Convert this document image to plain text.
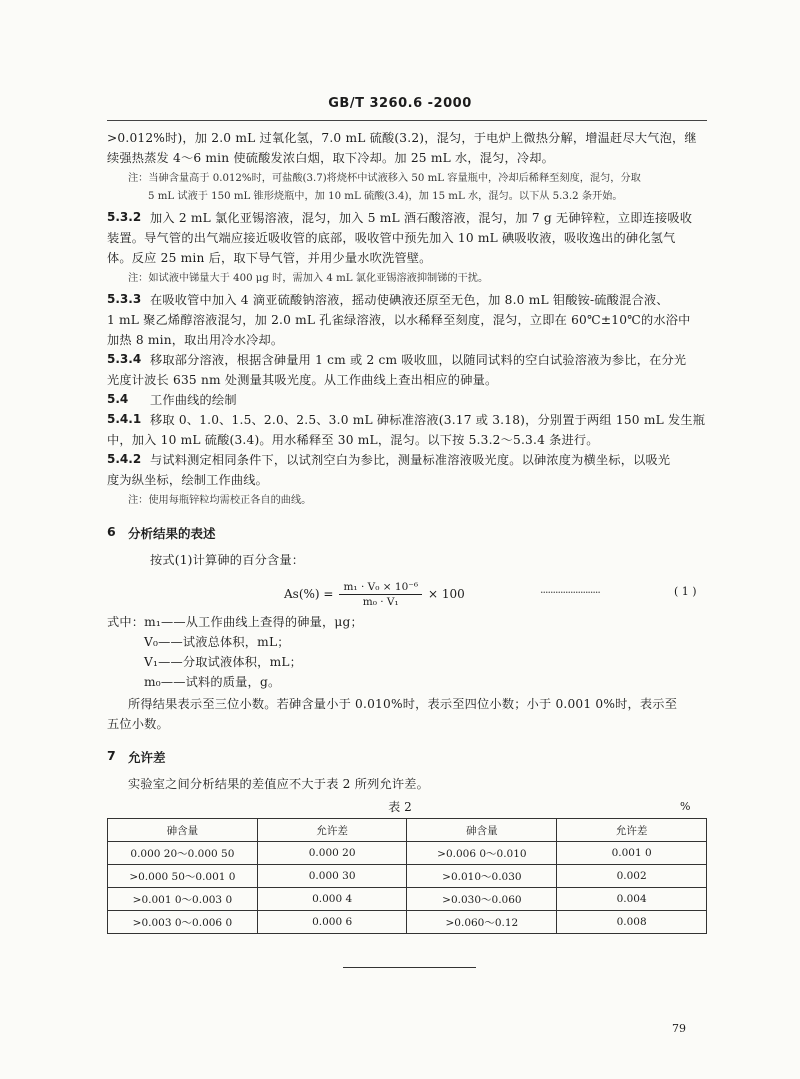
GB/T 3260.6 -2000
>0.012%时)，加 2.0 mL 过氧化氢，7.0 mL 硫酸(3.2)，混匀，于电炉上微热分解，增温赶尽大气泡，继
续强热蒸发 4～6 min 使硫酸发浓白烟，取下冷却。加 25 mL 水，混匀，冷却。
注：当砷含量高于 0.012%时，可盐酸(3.7)将烧杯中试液移入 50 mL 容量瓶中，冷却后稀释至刻度，混匀，分取
5 mL 试液于 150 mL 锥形烧瓶中，加 10 mL 硫酸(3.4)，加 15 mL 水，混匀。以下从 5.3.2 条开始。
5.3.2 加入 2 mL 氯化亚锡溶液，混匀，加入 5 mL 酒石酸溶液，混匀，加 7 g 无砷锌粒，立即连接吸收
装置。导气管的出气端应接近吸收管的底部，吸收管中预先加入 10 mL 碘吸收液，吸收逸出的砷化氢气
体。反应 25 min 后，取下导气管，并用少量水吹洗管壁。
注：如试液中锑量大于 400 μg 时，需加入 4 mL 氯化亚锡溶液抑制锑的干扰。
5.3.3 在吸收管中加入 4 滴亚硫酸钠溶液，摇动使碘液还原至无色，加 8.0 mL 钼酸铵-硫酸混合液、
1 mL 聚乙烯醇溶液混匀，加 2.0 mL 孔雀绿溶液，以水稀释至刻度，混匀，立即在 60℃±10℃的水浴中
加热 8 min，取出用冷水冷却。
5.3.4 移取部分溶液，根据含砷量用 1 cm 或 2 cm 吸收皿，以随同试料的空白试验溶液为参比，在分光
光度计波长 635 nm 处测量其吸光度。从工作曲线上查出相应的砷量。
5.4 工作曲线的绘制
5.4.1 移取 0、1.0、1.5、2.0、2.5、3.0 mL 砷标准溶液(3.17 或 3.18)，分别置于两组 150 mL 发生瓶
中，加入 10 mL 硫酸(3.4)。用水稀释至 30 mL，混匀。以下按 5.3.2～5.3.4 条进行。
5.4.2 与试料测定相同条件下，以试剂空白为参比，测量标准溶液吸光度。以砷浓度为横坐标，以吸光
度为纵坐标，绘制工作曲线。
注：使用每瓶锌粒均需校正各自的曲线。
6 分析结果的表述
按式(1)计算砷的百分含量：
$As(\%) = \frac{\text{m₁ · V₀ × 10⁻⁶}}{\text{m₀ · V₁}} \times 100$	························	( 1 )
式中：m₁——从工作曲线上查得的砷量，μg；
V₀——试液总体积，mL；
V₁——分取试液体积，mL；
m₀——试料的质量，g。
所得结果表示至三位小数。若砷含量小于 0.010%时，表示至四位小数；小于 0.001 0%时，表示至
五位小数。
7 允许差
实验室之间分析结果的差值应不大于表 2 所列允许差。
表 2	%
砷含量	允许差	砷含量	允许差
0.000 20～0.000 50	0.000 20	>0.006 0～0.010	0.001 0
>0.000 50～0.001 0	0.000 30	>0.010～0.030	0.002
>0.001 0～0.003 0	0.000 4	>0.030～0.060	0.004
>0.003 0～0.006 0	0.000 6	>0.060～0.12	0.008
79
